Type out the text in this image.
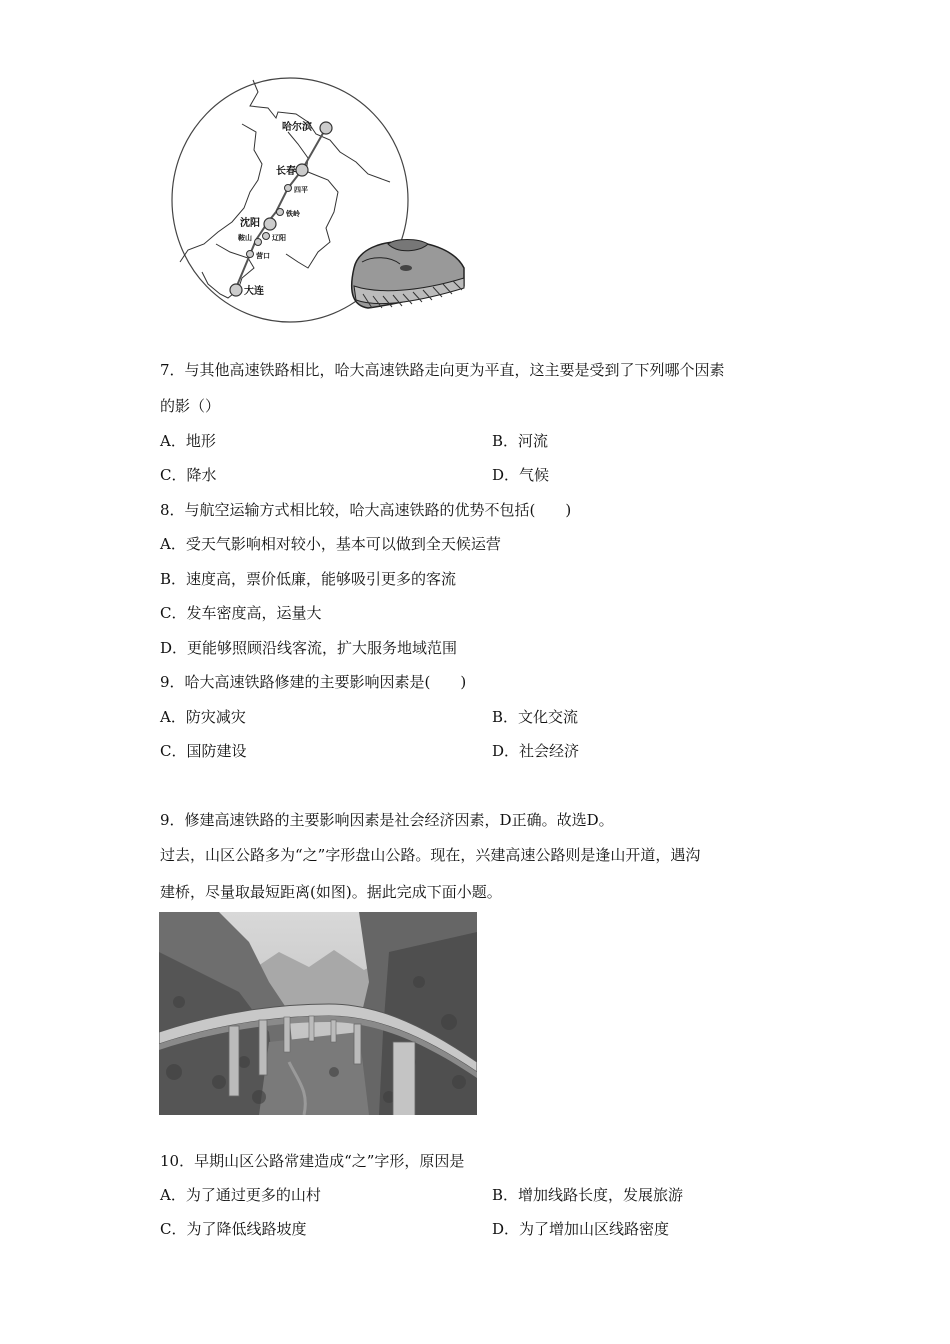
哈尔滨
长春
四平
铁岭
沈阳
辽阳
鞍山
营口
大连
7．与其他高速铁路相比，哈大高速铁路走向更为平直，这主要是受到了下列哪个因素
的影（）
A．地形	B．河流
C．降水	D．气候
8．与航空运输方式相比较，哈大高速铁路的优势不包括(　　)
A．受天气影响相对较小，基本可以做到全天候运营
B．速度高，票价低廉，能够吸引更多的客流
C．发车密度高，运量大
D．更能够照顾沿线客流，扩大服务地域范围
9．哈大高速铁路修建的主要影响因素是(　　)
A．防灾减灾	B．文化交流
C．国防建设	D．社会经济
9．修建高速铁路的主要影响因素是社会经济因素，D正确。故选D。
过去，山区公路多为“之”字形盘山公路。现在，兴建高速公路则是逢山开道，遇沟
建桥，尽量取最短距离(如图)。据此完成下面小题。
10．早期山区公路常建造成“之”字形，原因是
A．为了通过更多的山村	B．增加线路长度，发展旅游
C．为了降低线路坡度	D．为了增加山区线路密度
